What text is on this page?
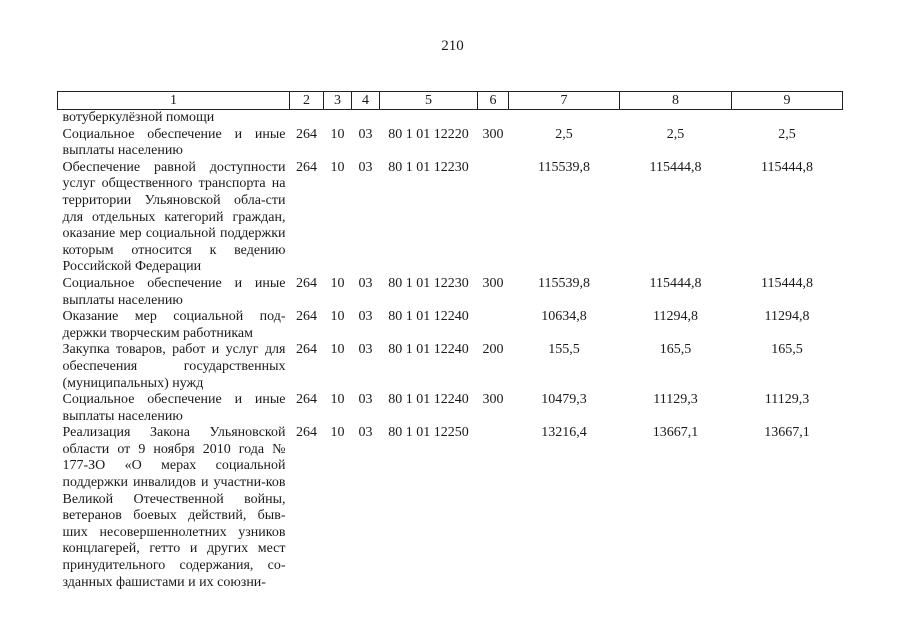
210
1	2	3	4	5	6	7	8	9
вотуберкулёзной помощи								
Социальное обеспечение и иные выплаты населению	264	10	03	80 1 01 12220	300	2,5	2,5	2,5
Обеспечение равной доступности услуг общественного транспорта на территории Ульяновской обла-сти для отдельных категорий граждан, оказание мер социальной поддержки которым относится к ведению Российской Федерации	264	10	03	80 1 01 12230		115539,8	115444,8	115444,8
Социальное обеспечение и иные выплаты населению	264	10	03	80 1 01 12230	300	115539,8	115444,8	115444,8
Оказание мер социальной под-держки творческим работникам	264	10	03	80 1 01 12240		10634,8	11294,8	11294,8
Закупка товаров, работ и услуг для обеспечения государственных (муниципальных) нужд	264	10	03	80 1 01 12240	200	155,5	165,5	165,5
Социальное обеспечение и иные выплаты населению	264	10	03	80 1 01 12240	300	10479,3	11129,3	11129,3
Реализация Закона Ульяновской области от 9 ноября 2010 года № 177-ЗО «О мерах социальной поддержки инвалидов и участни-ков Великой Отечественной войны, ветеранов боевых действий, быв-ших несовершеннолетних узников концлагерей, гетто и других мест принудительного содержания, со-зданных фашистами и их союзни-	264	10	03	80 1 01 12250		13216,4	13667,1	13667,1
